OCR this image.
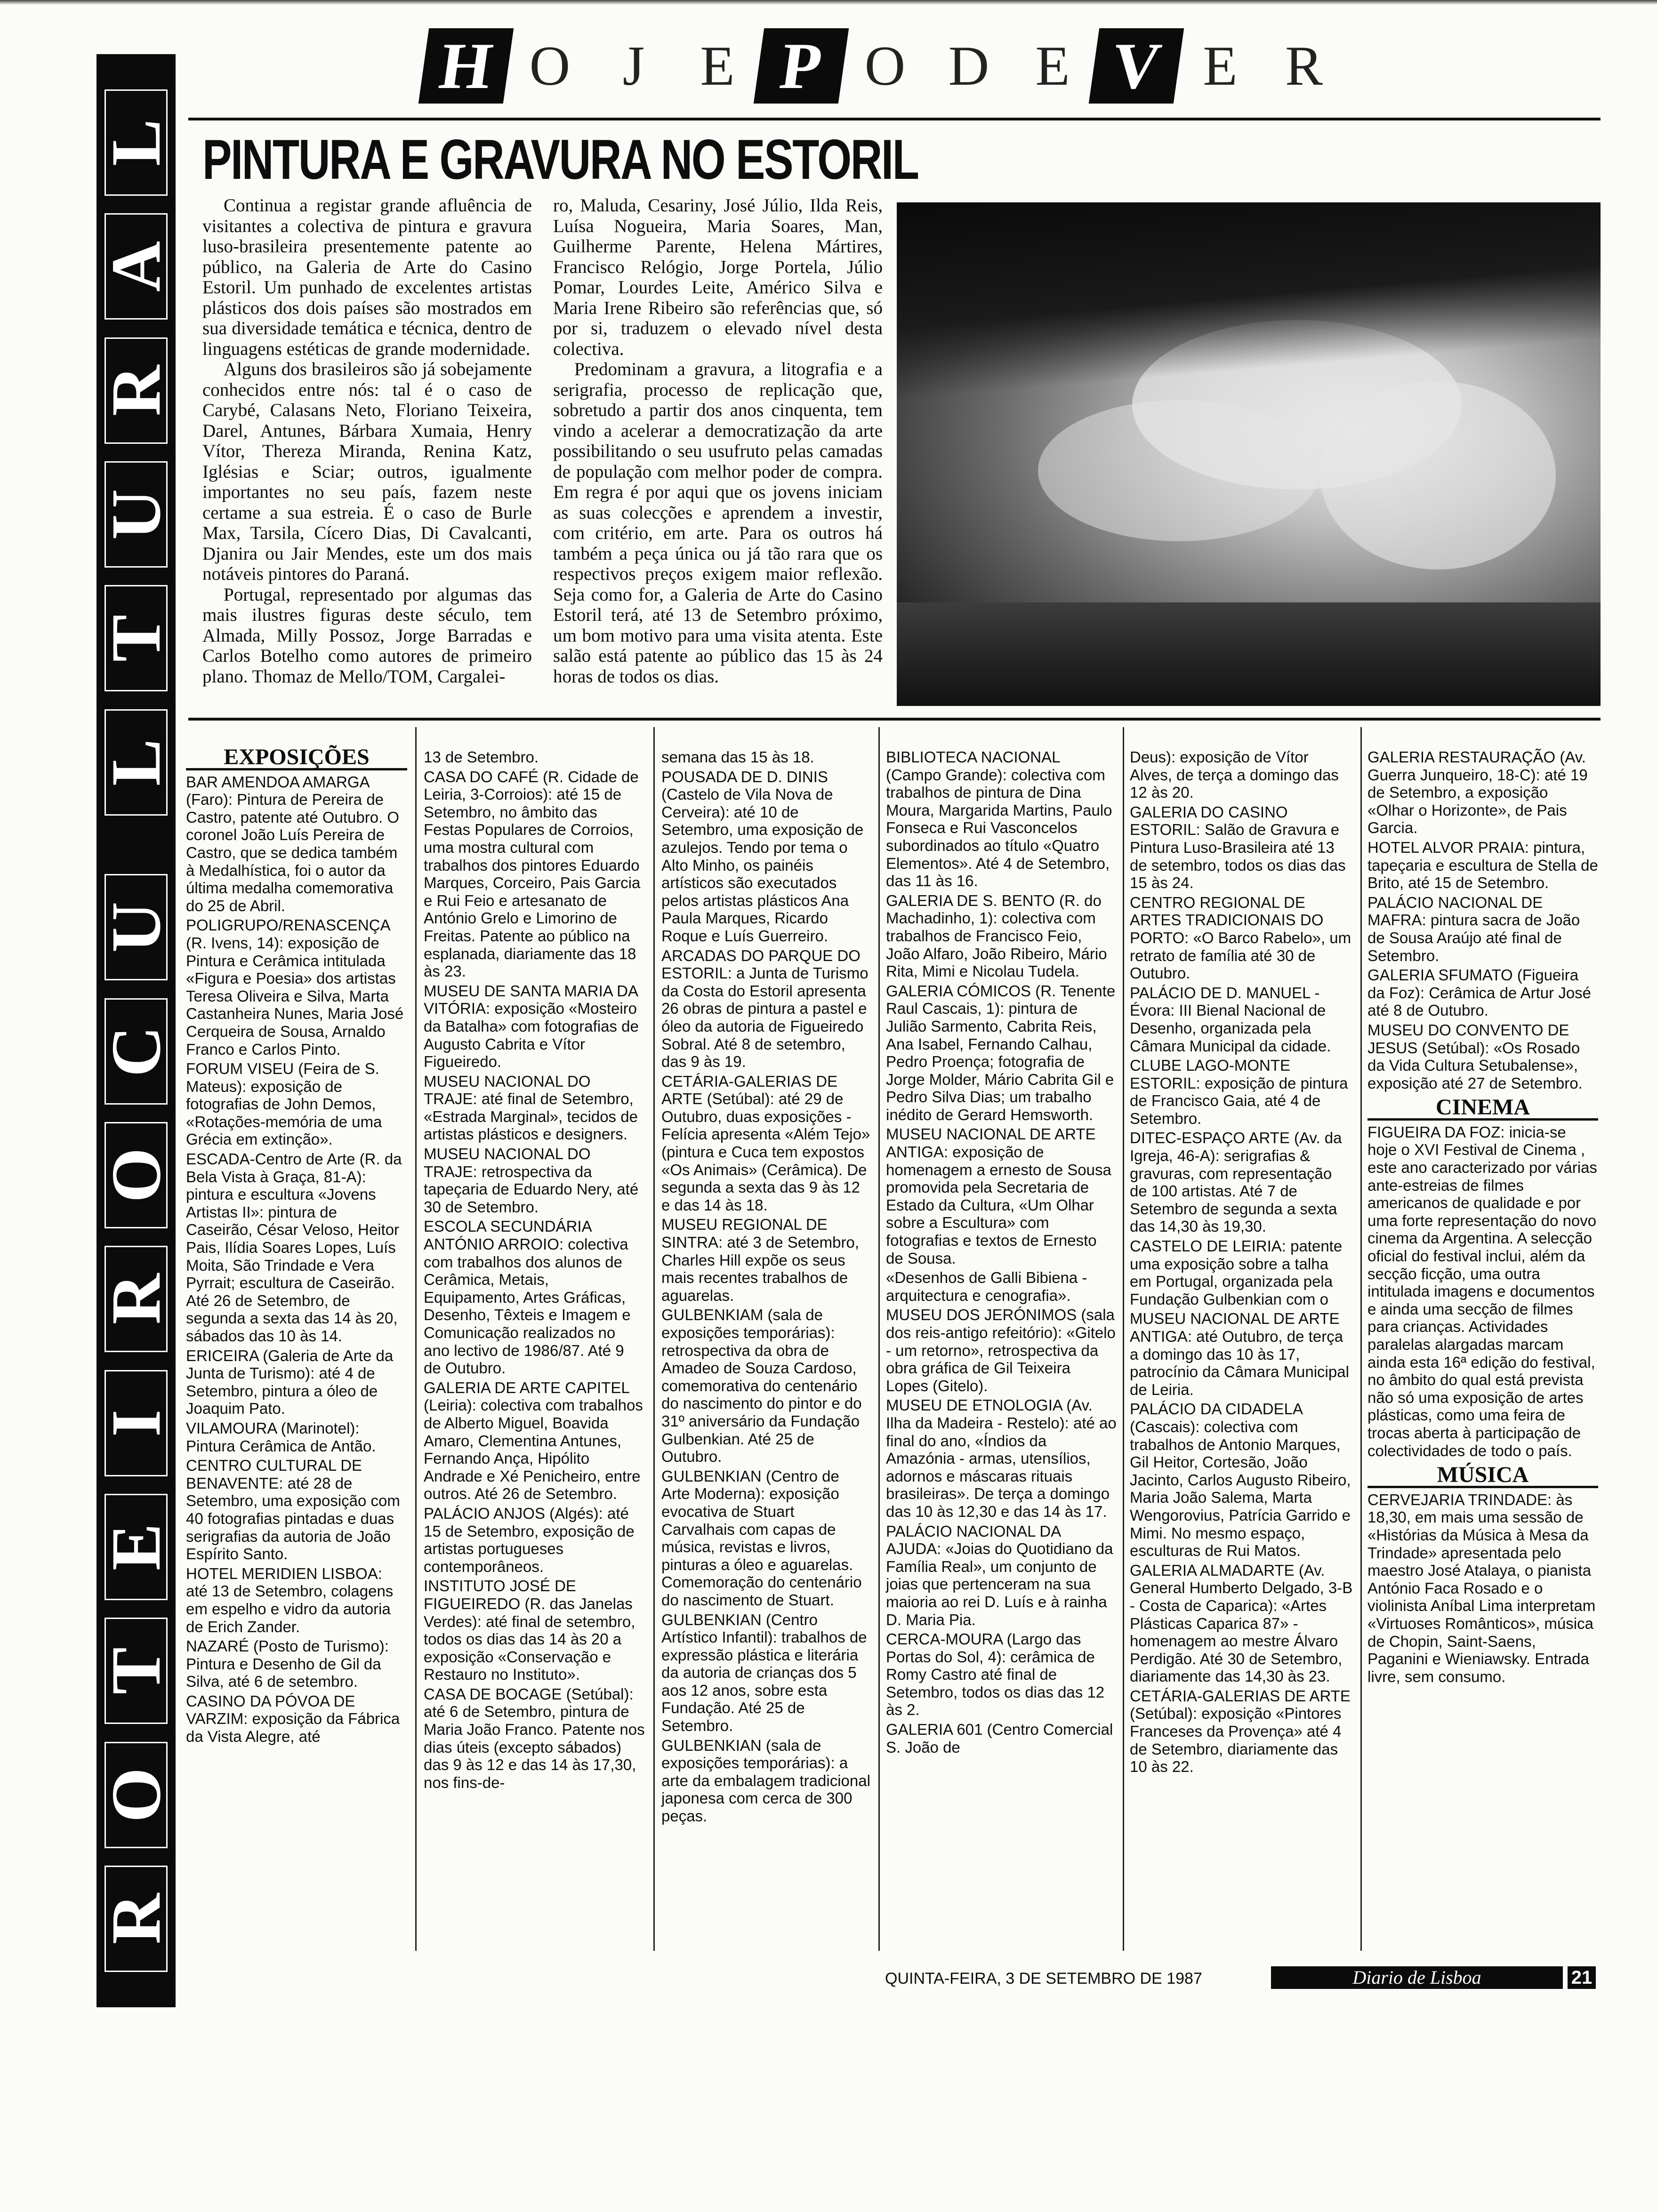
L
A
R
U
T
L
U
C
O
R
I
E
T
O
R
H O J E P O D E V E R
PINTURA E GRAVURA NO ESTORIL

Continua a registar grande afluência de visitantes a colectiva de pintura e gravura luso-brasileira presentemente patente ao público, na Galeria de Arte do Casino Estoril. Um punhado de excelentes artistas plásticos dos dois países são mostrados em sua diversidade temática e técnica, dentro de linguagens estéticas de grande modernidade.

Alguns dos brasileiros são já sobejamente conhecidos entre nós: tal é o caso de Carybé, Calasans Neto, Floriano Teixeira, Darel, Antunes, Bárbara Xumaia, Henry Vítor, Thereza Miranda, Renina Katz, Iglésias e Sciar; outros, igualmente importantes no seu país, fazem neste certame a sua estreia. É o caso de Burle Max, Tarsila, Cícero Dias, Di Cavalcanti, Djanira ou Jair Mendes, este um dos mais notáveis pintores do Paraná.

Portugal, representado por algumas das mais ilustres figuras deste século, tem Almada, Milly Possoz, Jorge Barradas e Carlos Botelho como autores de primeiro plano. Thomaz de Mello/TOM, Cargalei-

ro, Maluda, Cesariny, José Júlio, Ilda Reis, Luísa Nogueira, Maria Soares, Man, Guilherme Parente, Helena Mártires, Francisco Relógio, Jorge Portela, Júlio Pomar, Lourdes Leite, Américo Silva e Maria Irene Ribeiro são referências que, só por si, traduzem o elevado nível desta colectiva.

Predominam a gravura, a litografia e a serigrafia, processo de replicação que, sobretudo a partir dos anos cinquenta, tem vindo a acelerar a democratização da arte possibilitando o seu usufruto pelas camadas de população com melhor poder de compra. Em regra é por aqui que os jovens iniciam as suas colecções e aprendem a investir, com critério, em arte. Para os outros há também a peça única ou já tão rara que os respectivos preços exigem maior reflexão. Seja como for, a Galeria de Arte do Casino Estoril terá, até 13 de Setembro próximo, um bom motivo para uma visita atenta. Este salão está patente ao público das 15 às 24 horas de todos os dias.

EXPOSIÇÕES

BAR AMENDOA AMARGA (Faro): Pintura de Pereira de Castro, patente até Outubro. O coronel João Luís Pereira de Castro, que se dedica também à Medalhística, foi o autor da última medalha comemorativa do 25 de Abril.

POLIGRUPO/RENASCENÇA (R. Ivens, 14): exposição de Pintura e Cerâmica intitulada «Figura e Poesia» dos artistas Teresa Oliveira e Silva, Marta Castanheira Nunes, Maria José Cerqueira de Sousa, Arnaldo Franco e Carlos Pinto.

FORUM VISEU (Feira de S. Mateus): exposição de fotografias de John Demos, «Rotações-memória de uma Grécia em extinção».

ESCADA-Centro de Arte (R. da Bela Vista à Graça, 81-A): pintura e escultura «Jovens Artistas II»: pintura de Caseirão, César Veloso, Heitor Pais, Ilídia Soares Lopes, Luís Moita, São Trindade e Vera Pyrrait; escultura de Caseirão. Até 26 de Setembro, de segunda a sexta das 14 às 20, sábados das 10 às 14.

ERICEIRA (Galeria de Arte da Junta de Turismo): até 4 de Setembro, pintura a óleo de Joaquim Pato.

VILAMOURA (Marinotel): Pintura Cerâmica de Antão.

CENTRO CULTURAL DE BENAVENTE: até 28 de Setembro, uma exposição com 40 fotografias pintadas e duas serigrafias da autoria de João Espírito Santo.

HOTEL MERIDIEN LISBOA: até 13 de Setembro, colagens em espelho e vidro da autoria de Erich Zander.

NAZARÉ (Posto de Turismo): Pintura e Desenho de Gil da Silva, até 6 de setembro.

CASINO DA PÓVOA DE VARZIM: exposição da Fábrica da Vista Alegre, até

13 de Setembro.

CASA DO CAFÉ (R. Cidade de Leiria, 3-Corroios): até 15 de Setembro, no âmbito das Festas Populares de Corroios, uma mostra cultural com trabalhos dos pintores Eduardo Marques, Corceiro, Pais Garcia e Rui Feio e artesanato de António Grelo e Limorino de Freitas. Patente ao público na esplanada, diariamente das 18 às 23.

MUSEU DE SANTA MARIA DA VITÓRIA: exposição «Mosteiro da Batalha» com fotografias de Augusto Cabrita e Vítor Figueiredo.

MUSEU NACIONAL DO TRAJE: até final de Setembro, «Estrada Marginal», tecidos de artistas plásticos e designers.

MUSEU NACIONAL DO TRAJE: retrospectiva da tapeçaria de Eduardo Nery, até 30 de Setembro.

ESCOLA SECUNDÁRIA ANTÓNIO ARROIO: colectiva com trabalhos dos alunos de Cerâmica, Metais, Equipamento, Artes Gráficas, Desenho, Têxteis e Imagem e Comunicação realizados no ano lectivo de 1986/87. Até 9 de Outubro.

GALERIA DE ARTE CAPITEL (Leiria): colectiva com trabalhos de Alberto Miguel, Boavida Amaro, Clementina Antunes, Fernando Ança, Hipólito Andrade e Xé Peniche‌iro, entre outros. Até 26 de Setembro.

PALÁCIO ANJOS (Algés): até 15 de Setembro, exposição de artistas portugueses contemporâneos.

INSTITUTO JOSÉ DE FIGUEIREDO (R. das Janelas Verdes): até final de setembro, todos os dias das 14 às 20 a exposição «Conservação e Restauro no Instituto».

CASA DE BOCAGE (Setúbal): até 6 de Setembro, pintura de Maria João Franco. Patente nos dias úteis (excepto sábados) das 9 às 12 e das 14 às 17,30, nos fins-de-

semana das 15 às 18.

POUSADA DE D. DINIS (Castelo de Vila Nova de Cerveira): até 10 de Setembro, uma exposição de azulejos. Tendo por tema o Alto Minho, os painéis artísticos são executados pelos artistas plásticos Ana Paula Marques, Ricardo Roque e Luís Guerreiro.

ARCADAS DO PARQUE DO ESTORIL: a Junta de Turismo da Costa do Estoril apresenta 26 obras de pintura a pastel e óleo da autoria de Figueiredo Sobral. Até 8 de setembro, das 9 às 19.

CETÁRIA-GALERIAS DE ARTE (Setúbal): até 29 de Outubro, duas exposições - Felícia apresenta «Além Tejo» (pintura e Cuca tem expostos «Os Animais» (Cerâmica). De segunda a sexta das 9 às 12 e das 14 às 18.

MUSEU REGIONAL DE SINTRA: até 3 de Setembro, Charles Hill expõe os seus mais recentes trabalhos de aguarelas.

GULBENKIAM (sala de exposições temporárias): retrospectiva da obra de Amadeo de Souza Cardoso, comemorativa do centenário do nascimento do pintor e do 31º aniversário da Fundação Gulbenkian. Até 25 de Outubro.

GULBENKIAN (Centro de Arte Moderna): exposição evocativa de Stuart Carvalhais com capas de música, revistas e livros, pinturas a óleo e aguarelas. Comemoração do centenário do nascimento de Stuart.

GULBENKIAN (Centro Artístico Infantil): trabalhos de expressão plástica e literária da autoria de crianças dos 5 aos 12 anos, sobre esta Fundação. Até 25 de Setembro.

GULBENKIAN (sala de exposições temporárias): a arte da embalagem tradicional japonesa com cerca de 300 peças.

BIBLIOTECA NACIONAL (Campo Grande): colectiva com trabalhos de pintura de Dina Moura, Margarida Martins, Paulo Fonseca e Rui Vasconcelos subordinados ao título «Quatro Elementos». Até 4 de Setembro, das 11 às 16.

GALERIA DE S. BENTO (R. do Machadinho, 1): colectiva com trabalhos de Francisco Feio, João Alfaro, João Ribeiro, Mário Rita, Mimi e Nicolau Tudela.

GALERIA CÓMICOS (R. Tenente Raul Cascais, 1): pintura de Julião Sarmento, Cabrita Reis, Ana Isabel, Fernando Calhau, Pedro Proença; fotografia de Jorge Molder, Mário Cabrita Gil e Pedro Silva Dias; um trabalho inédito de Gerard Hemsworth.

MUSEU NACIONAL DE ARTE ANTIGA: exposição de homenagem a ernesto de Sousa promovida pela Secretaria de Estado da Cultura, «Um Olhar sobre a Escultura» com fotografias e textos de Ernesto de Sousa.

«Desenhos de Galli Bibiena - arquitectura e cenografia».

MUSEU DOS JERÓNIMOS (sala dos reis-antigo refeitório): «Gitelo - um retorno», retrospectiva da obra gráfica de Gil Teixeira Lopes (Gitelo).

MUSEU DE ETNOLOGIA (Av. Ilha da Madeira - Restelo): até ao final do ano, «Índios da Amazónia - armas, utensílios, adornos e máscaras rituais brasileiras». De terça a domingo das 10 às 12,30 e das 14 às 17.

PALÁCIO NACIONAL DA AJUDA: «Joias do Quotidiano da Família Real», um conjunto de joias que pertenceram na sua maioria ao rei D. Luís e à rainha D. Maria Pia.

CERCA-MOURA (Largo das Portas do Sol, 4): cerâmica de Romy Castro até final de Setembro, todos os dias das 12 às 2.

GALERIA 601 (Centro Comercial S. João de

Deus): exposição de Vítor Alves, de terça a domingo das 12 às 20.

GALERIA DO CASINO ESTORIL: Salão de Gravura e Pintura Luso-Brasileira até 13 de setembro, todos os dias das 15 às 24.

CENTRO REGIONAL DE ARTES TRADICIONAIS DO PORTO: «O Barco Rabelo», um retrato de família até 30 de Outubro.

PALÁCIO DE D. MANUEL - Évora: III Bienal Nacional de Desenho, organizada pela Câmara Municipal da cidade.

CLUBE LAGO-MONTE ESTORIL: exposição de pintura de Francisco Gaia, até 4 de Setembro.

DITEC-ESPAÇO ARTE (Av. da Igreja, 46-A): serigrafias & gravuras, com representação de 100 artistas. Até 7 de Setembro de segunda a sexta das 14,30 às 19,30.

CASTELO DE LEIRIA: patente uma exposição sobre a talha em Portugal, organizada pela Fundação Gulbenkian com o

MUSEU NACIONAL DE ARTE ANTIGA: até Outubro, de terça a domingo das 10 às 17, patrocínio da Câmara Municipal de Leiria.

PALÁCIO DA CIDADELA (Cascais): colectiva com trabalhos de Antonio Marques, Gil Heitor, Cortesão, João Jacinto, Carlos Augusto Ribeiro, Maria João Salema, Marta Wengorovius, Patrícia Garrido e Mimi. No mesmo espaço, esculturas de Rui Matos.

GALERIA ALMADARTE (Av. General Humberto Delgado, 3-B - Costa de Caparica): «Artes Plásticas Caparica 87» - homenagem ao mestre Álvaro Perdigão. Até 30 de Setembro, diariamente das 14,30 às 23.

CETÁRIA-GALERIAS DE ARTE (Setúbal): exposição «Pintores Franceses da Provença» até 4 de Setembro, diariamente das 10 às 22.

GALERIA RESTAURAÇÃO (Av. Guerra Junqueiro, 18-C): até 19 de Setembro, a exposição «Olhar o Horizonte», de Pais Garcia.

HOTEL ALVOR PRAIA: pintura, tapeçaria e escultura de Stella de Brito, até 15 de Setembro.

PALÁCIO NACIONAL DE MAFRA: pintura sacra de João de Sousa Araújo até final de Setembro.

GALERIA SFUMATO (Figueira da Foz): Cerâmica de Artur José até 8 de Outubro.

MUSEU DO CONVENTO DE JESUS (Setúbal): «Os Rosado da Vida Cultura Setubalense», exposição até 27 de Setembro.

CINEMA

FIGUEIRA DA FOZ: inicia-se hoje o XVI Festival de Cinema , este ano caracterizado por várias ante-estreias de filmes americanos de qualidade e por uma forte representação do novo cinema da Argentina. A selecção oficial do festival inclui, além da secção ficção, uma outra intitulada imagens e documentos e ainda uma secção de filmes para crianças. Actividades paralelas alargadas marcam ainda esta 16ª edição do festival, no âmbito do qual está prevista não só uma exposição de artes plásticas, como uma feira de trocas aberta à participação de colectividades de todo o país.

MÚSICA

CERVEJARIA TRINDADE: às 18,30, em mais uma sessão de «Histórias da Música à Mesa da Trindade» apresentada pelo maestro José Atalaya, o pianista António Faca Rosado e o violinista Aníbal Lima interpretam «Virtuoses Românticos», música de Chopin, Saint-Saens, Paganini e Wieniawsky. Entrada livre, sem consumo.

QUINTA-FEIRA, 3 DE SETEMBRO DE 1987	Diario de Lisboa	21
